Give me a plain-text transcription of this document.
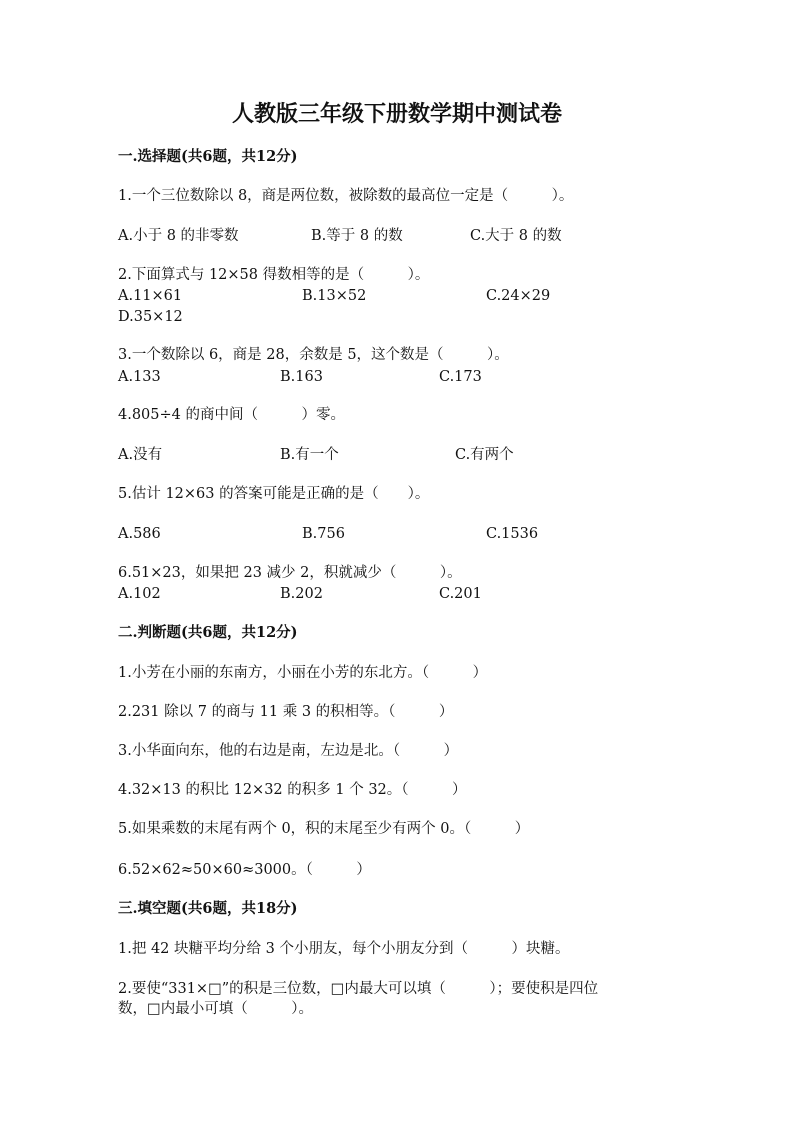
人教版三年级下册数学期中测试卷
一.选择题(共6题，共12分)
1.一个三位数除以 8，商是两位数，被除数的最高位一定是（　　　）。
A.小于 8 的非零数	B.等于 8 的数	C.大于 8 的数
2.下面算式与 12×58 得数相等的是（　　　）。
A.11×61	B.13×52	C.24×29
D.35×12
3.一个数除以 6，商是 28，余数是 5，这个数是（　　　）。
A.133	B.163	C.173
4.805÷4 的商中间（　　　）零。
A.没有	B.有一个	C.有两个
5.估计 12×63 的答案可能是正确的是（　　）。
A.586	B.756	C.1536
6.51×23，如果把 23 减少 2，积就减少（　　　）。
A.102	B.202	C.201
二.判断题(共6题，共12分)
1.小芳在小丽的东南方，小丽在小芳的东北方。（　　　）
2.231 除以 7 的商与 11 乘 3 的积相等。（　　　）
3.小华面向东，他的右边是南，左边是北。（　　　）
4.32×13 的积比 12×32 的积多 1 个 32。（　　　）
5.如果乘数的末尾有两个 0，积的末尾至少有两个 0。（　　　）
6.52×62≈50×60≈3000。（　　　）
三.填空题(共6题，共18分)
1.把 42 块糖平均分给 3 个小朋友，每个小朋友分到（　　　）块糖。
2.要使“331×□”的积是三位数，□内最大可以填（　　　）；要使积是四位
数，□内最小可填（　　　）。
